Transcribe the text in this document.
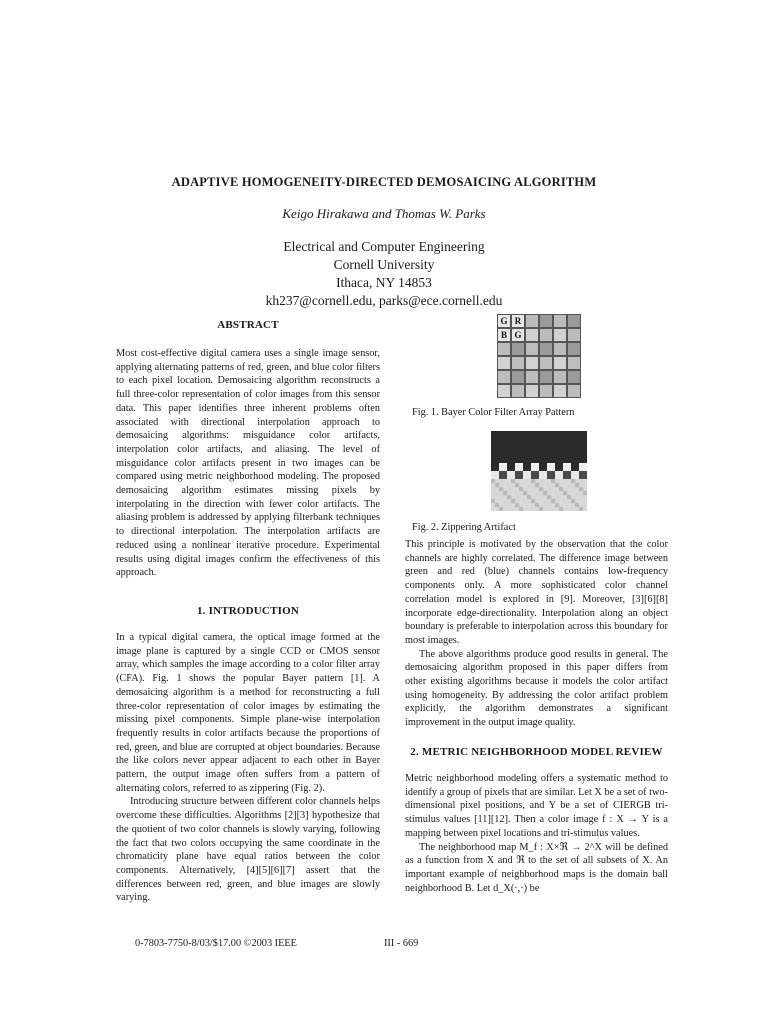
ADAPTIVE HOMOGENEITY-DIRECTED DEMOSAICING ALGORITHM
Keigo Hirakawa and Thomas W. Parks
Electrical and Computer Engineering
Cornell University
Ithaca, NY 14853
kh237@cornell.edu, parks@ece.cornell.edu
ABSTRACT

Most cost-effective digital camera uses a single image sensor, applying alternating patterns of red, green, and blue color filters to each pixel location. Demosaicing algorithm reconstructs a full three-color representation of color images from this sensor data. This paper identifies three inherent problems often associated with directional interpolation approach to demosaicing algorithms: misguidance color artifacts, interpolation color artifacts, and aliasing. The level of misguidance color artifacts present in two images can be compared using metric neighborhood modeling. The proposed demosaicing algorithm estimates missing pixels by interpolating in the direction with fewer color artifacts. The aliasing problem is addressed by applying filterbank techniques to directional interpolation. The interpolation artifacts are reduced using a nonlinear iterative procedure. Experimental results using digital images confirm the effectiveness of this approach.

1. INTRODUCTION

In a typical digital camera, the optical image formed at the image plane is captured by a single CCD or CMOS sensor array, which samples the image according to a color filter array (CFA). Fig. 1 shows the popular Bayer pattern [1]. A demosaicing algorithm is a method for reconstructing a full three-color representation of color images by estimating the missing pixel components. Simple plane-wise interpolation frequently results in color artifacts because the proportions of red, green, and blue are corrupted at object boundaries. Because the like colors never appear adjacent to each other in Bayer pattern, the output image often suffers from a pattern of alternating colors, referred to as zippering (Fig. 2).

Introducing structure between different color channels helps overcome these difficulties. Algorithms [2][3] hypothesize that the quotient of two color channels is slowly varying, following the fact that two colors occupying the same coordinate in the chromaticity plane have equal ratios between the color components. Alternatively, [4][5][6][7] assert that the differences between red, green, and blue images are slowly varying.

G R
B G
Fig. 1. Bayer Color Filter Array Pattern
Fig. 2. Zippering Artifact

This principle is motivated by the observation that the color channels are highly correlated. The difference image between green and red (blue) channels contains low-frequency components only. A more sophisticated color channel correlation model is explored in [9]. Moreover, [3][6][8] incorporate edge-directionality. Interpolation along an object boundary is preferable to interpolation across this boundary for most images.

The above algorithms produce good results in general. The demosaicing algorithm proposed in this paper differs from other existing algorithms because it models the color artifact using homogeneity. By addressing the color artifact problem explicitly, the algorithm demonstrates a significant improvement in the output image quality.

2. METRIC NEIGHBORHOOD MODEL REVIEW

Metric neighborhood modeling offers a systematic method to identify a group of pixels that are similar. Let X be a set of two-dimensional pixel positions, and Y be a set of CIERGB tri-stimulus values [11][12]. Then a color image f : X → Y is a mapping between pixel locations and tri-stimulus values.

The neighborhood map M_f : X×ℜ → 2^X will be defined as a function from X and ℜ to the set of all subsets of X. An important example of neighborhood maps is the domain ball neighborhood B. Let d_X(·,·) be

0-7803-7750-8/03/$17.00 ©2003 IEEE	III - 669
